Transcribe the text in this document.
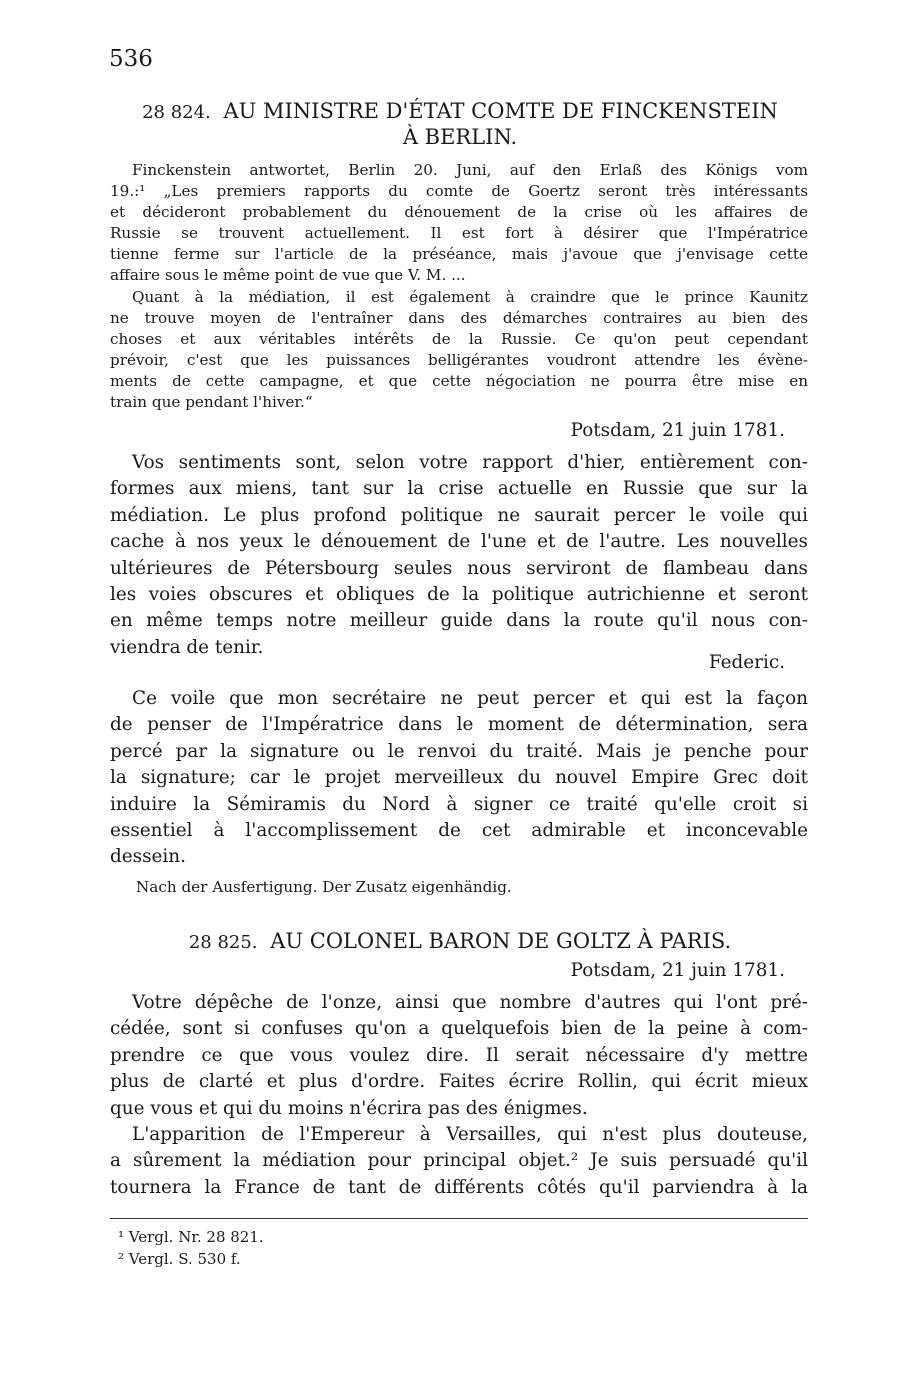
536
28 824. AU MINISTRE D'ÉTAT COMTE DE FINCKENSTEIN
À BERLIN.
Finckenstein antwortet, Berlin 20. Juni, auf den Erlaß des Königs vom
19.:¹ „Les premiers rapports du comte de Goertz seront très intéressants
et décideront probablement du dénouement de la crise où les affaires de
Russie se trouvent actuellement. Il est fort à désirer que l'Impératrice
tienne ferme sur l'article de la préséance, mais j'avoue que j'envisage cette
affaire sous le même point de vue que V. M. ...
Quant à la médiation, il est également à craindre que le prince Kaunitz
ne trouve moyen de l'entraîner dans des démarches contraires au bien des
choses et aux véritables intérêts de la Russie. Ce qu'on peut cependant
prévoir, c'est que les puissances belligérantes voudront attendre les évène-
ments de cette campagne, et que cette négociation ne pourra être mise en
train que pendant l'hiver.“
Potsdam, 21 juin 1781.
Vos sentiments sont, selon votre rapport d'hier, entièrement con-
formes aux miens, tant sur la crise actuelle en Russie que sur la
médiation. Le plus profond politique ne saurait percer le voile qui
cache à nos yeux le dénouement de l'une et de l'autre. Les nouvelles
ultérieures de Pétersbourg seules nous serviront de flambeau dans
les voies obscures et obliques de la politique autrichienne et seront
en même temps notre meilleur guide dans la route qu'il nous con-
viendra de tenir.
Federic.
Ce voile que mon secrétaire ne peut percer et qui est la façon
de penser de l'Impératrice dans le moment de détermination, sera
percé par la signature ou le renvoi du traité. Mais je penche pour
la signature; car le projet merveilleux du nouvel Empire Grec doit
induire la Sémiramis du Nord à signer ce traité qu'elle croit si
essentiel à l'accomplissement de cet admirable et inconcevable
dessein.
Nach der Ausfertigung. Der Zusatz eigenhändig.
28 825. AU COLONEL BARON DE GOLTZ À PARIS.
Potsdam, 21 juin 1781.
Votre dépêche de l'onze, ainsi que nombre d'autres qui l'ont pré-
cédée, sont si confuses qu'on a quelquefois bien de la peine à com-
prendre ce que vous voulez dire. Il serait nécessaire d'y mettre
plus de clarté et plus d'ordre. Faites écrire Rollin, qui écrit mieux
que vous et qui du moins n'écrira pas des énigmes.
L'apparition de l'Empereur à Versailles, qui n'est plus douteuse,
a sûrement la médiation pour principal objet.² Je suis persuadé qu'il
tournera la France de tant de différents côtés qu'il parviendra à la
¹ Vergl. Nr. 28 821.
² Vergl. S. 530 f.
